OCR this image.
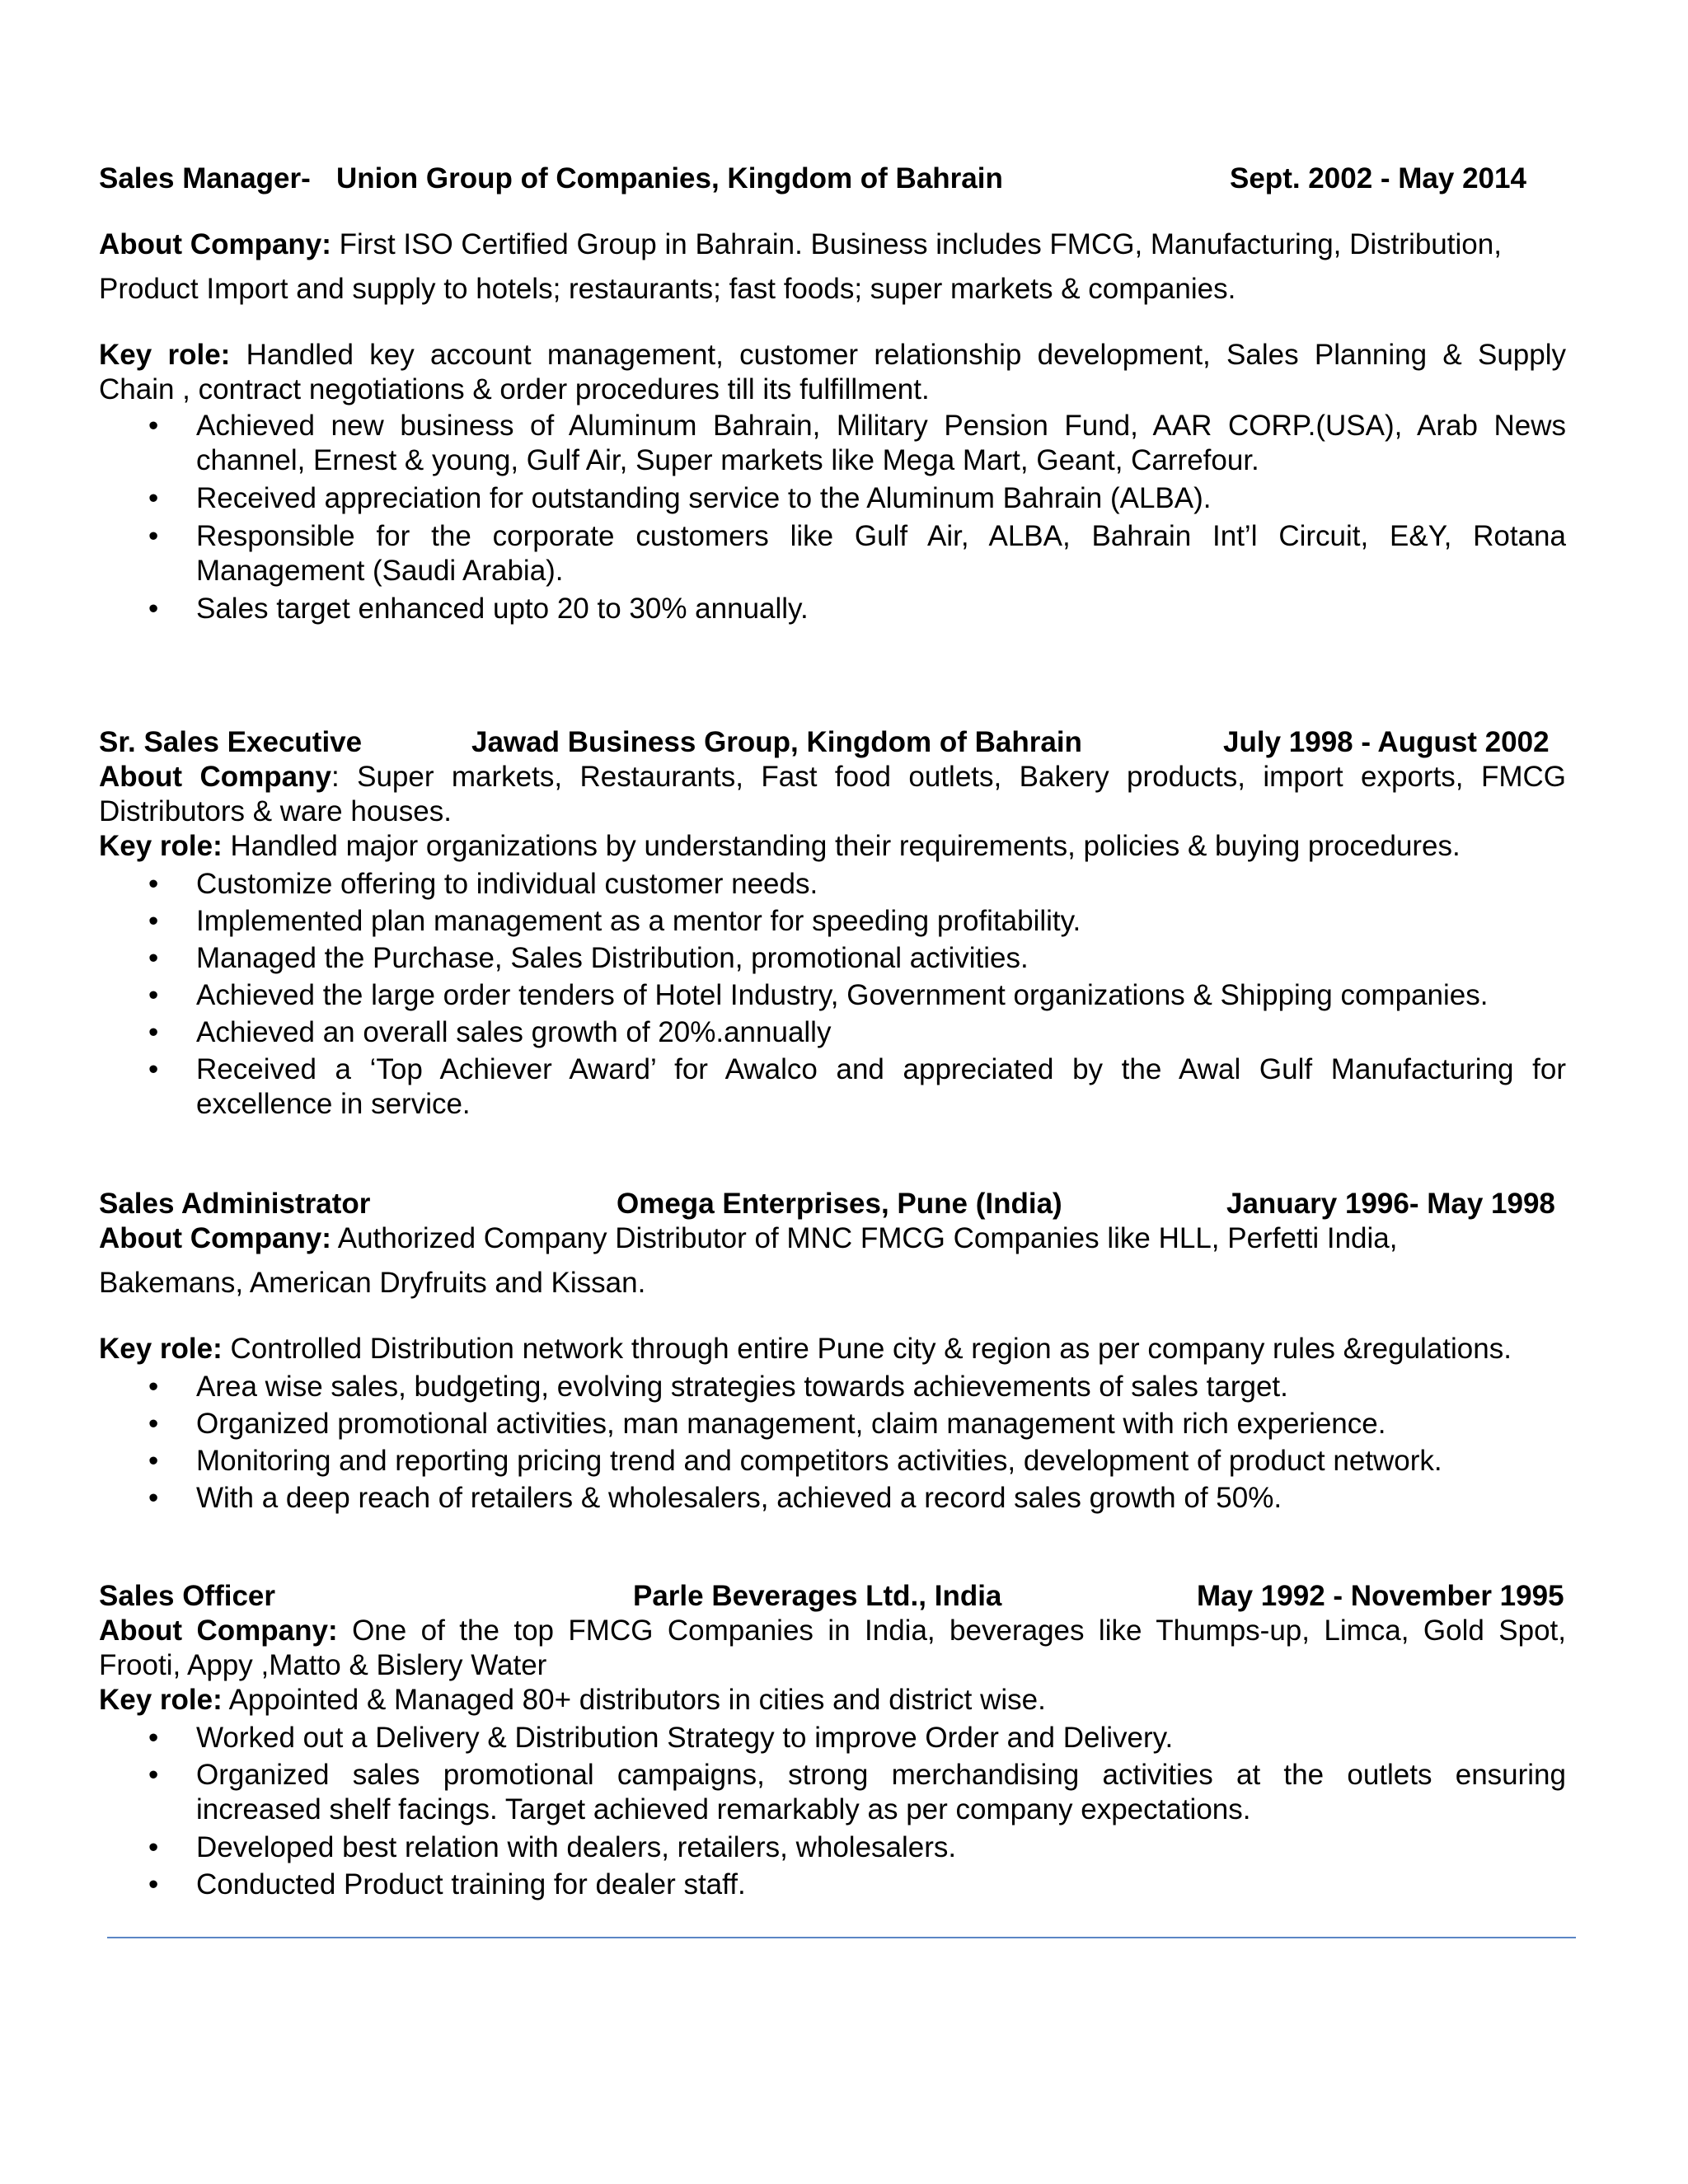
Sales Manager- Union Group of Companies, Kingdom of Bahrain	Sept. 2002 - May 2014
About Company: First ISO Certified Group in Bahrain. Business includes FMCG, Manufacturing, Distribution,
Product Import and supply to hotels; restaurants; fast foods; super markets & companies.
Key role: Handled key account management, customer relationship development, Sales Planning & Supply
Chain , contract negotiations & order procedures till its fulfillment.
• Achieved new business of Aluminum Bahrain, Military Pension Fund, AAR CORP.(USA), Arab News
channel, Ernest & young, Gulf Air, Super markets like Mega Mart, Geant, Carrefour.
• Received appreciation for outstanding service to the Aluminum Bahrain (ALBA).
• Responsible for the corporate customers like Gulf Air, ALBA, Bahrain Int’l Circuit, E&Y, Rotana
Management (Saudi Arabia).
• Sales target enhanced upto 20 to 30% annually.
Sr. Sales Executive	Jawad Business Group, Kingdom of Bahrain	July 1998 - August 2002
About Company: Super markets, Restaurants, Fast food outlets, Bakery products, import exports, FMCG
Distributors & ware houses.
Key role: Handled major organizations by understanding their requirements, policies & buying procedures.
• Customize offering to individual customer needs.
• Implemented plan management as a mentor for speeding profitability.
• Managed the Purchase, Sales Distribution, promotional activities.
• Achieved the large order tenders of Hotel Industry, Government organizations & Shipping companies.
• Achieved an overall sales growth of 20%.annually
• Received a ‘Top Achiever Award’ for Awalco and appreciated by the Awal Gulf Manufacturing for
excellence in service.
Sales Administrator	Omega Enterprises, Pune (India)	January 1996- May 1998
About Company: Authorized Company Distributor of MNC FMCG Companies like HLL, Perfetti India,
Bakemans, American Dryfruits and Kissan.
Key role: Controlled Distribution network through entire Pune city & region as per company rules &regulations.
• Area wise sales, budgeting, evolving strategies towards achievements of sales target.
• Organized promotional activities, man management, claim management with rich experience.
• Monitoring and reporting pricing trend and competitors activities, development of product network.
• With a deep reach of retailers & wholesalers, achieved a record sales growth of 50%.
Sales Officer	Parle Beverages Ltd., India	May 1992 - November 1995
About Company: One of the top FMCG Companies in India, beverages like Thumps-up, Limca, Gold Spot,
Frooti, Appy ,Matto & Bislery Water
Key role: Appointed & Managed 80+ distributors in cities and district wise.
• Worked out a Delivery & Distribution Strategy to improve Order and Delivery.
• Organized sales promotional campaigns, strong merchandising activities at the outlets ensuring
increased shelf facings. Target achieved remarkably as per company expectations.
• Developed best relation with dealers, retailers, wholesalers.
• Conducted Product training for dealer staff.
